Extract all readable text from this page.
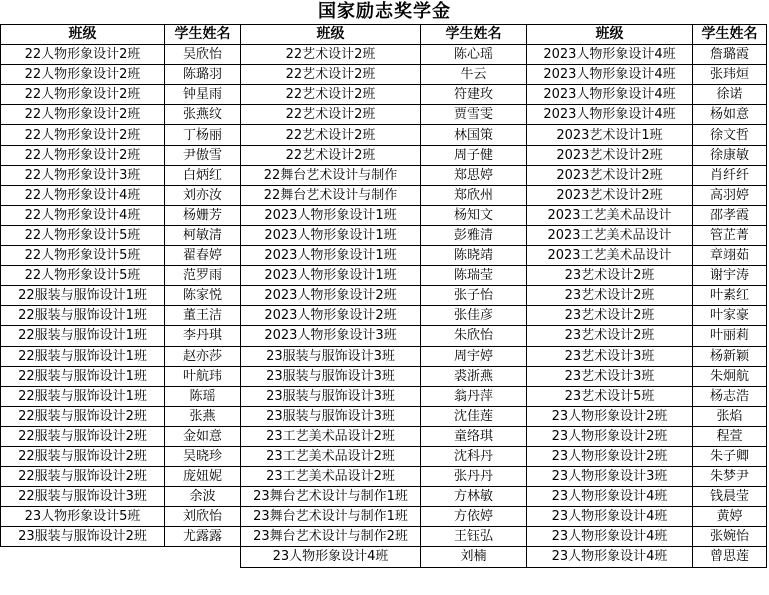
国家励志奖学金
班级	学生姓名	班级	学生姓名	班级	学生姓名
22人物形象设计2班	吴欣怡	22艺术设计2班	陈心瑶	2023人物形象设计4班	詹璐霞
22人物形象设计2班	陈璐羽	22艺术设计2班	牛云	2023人物形象设计4班	张玮烜
22人物形象设计2班	钟星雨	22艺术设计2班	符建玫	2023人物形象设计4班	徐诺
22人物形象设计2班	张燕纹	22艺术设计2班	贾雪雯	2023人物形象设计4班	杨如意
22人物形象设计2班	丁杨丽	22艺术设计2班	林国策	2023艺术设计1班	徐文哲
22人物形象设计2班	尹傲雪	22艺术设计2班	周子健	2023艺术设计2班	徐康敏
22人物形象设计3班	白炳红	22舞台艺术设计与制作	郑思婷	2023艺术设计2班	肖纤纤
22人物形象设计4班	刘亦汝	22舞台艺术设计与制作	郑欣州	2023艺术设计2班	高羽婷
22人物形象设计4班	杨姗芳	2023人物形象设计1班	杨知文	2023工艺美术品设计	邵孝霞
22人物形象设计5班	柯敏清	2023人物形象设计1班	彭雅清	2023工艺美术品设计	管芷菁
22人物形象设计5班	翟春婷	2023人物形象设计1班	陈晓靖	2023工艺美术品设计	章翊茹
22人物形象设计5班	范罗雨	2023人物形象设计1班	陈瑞莹	23艺术设计2班	谢宇涛
22服装与服饰设计1班	陈家悦	2023人物形象设计2班	张子怡	23艺术设计2班	叶素红
22服装与服饰设计1班	董王洁	2023人物形象设计2班	张佳彦	23艺术设计2班	叶家豪
22服装与服饰设计1班	李丹琪	2023人物形象设计3班	朱欣怡	23艺术设计2班	叶丽莉
22服装与服饰设计1班	赵亦莎	23服装与服饰设计3班	周宇婷	23艺术设计3班	杨新颖
22服装与服饰设计1班	叶航玮	23服装与服饰设计3班	裘浙燕	23艺术设计3班	朱炯航
22服装与服饰设计1班	陈瑶	23服装与服饰设计3班	翁丹萍	23艺术设计5班	杨志浩
22服装与服饰设计2班	张燕	23服装与服饰设计3班	沈佳莲	23人物形象设计2班	张焰
22服装与服饰设计2班	金如意	23工艺美术品设计2班	童络琪	23人物形象设计2班	程萱
22服装与服饰设计2班	吴晓珍	23工艺美术品设计2班	沈科丹	23人物形象设计2班	朱子卿
22服装与服饰设计2班	庞妞妮	23工艺美术品设计2班	张丹丹	23人物形象设计3班	朱梦尹
22服装与服饰设计3班	余波	23舞台艺术设计与制作1班	方林敏	23人物形象设计4班	钱晨莹
23人物形象设计5班	刘欣怡	23舞台艺术设计与制作1班	方依婷	23人物形象设计4班	黄婷
23服装与服饰设计2班	尤露露	23舞台艺术设计与制作2班	王钰弘	23人物形象设计4班	张婉怡
		23人物形象设计4班	刘楠	23人物形象设计4班	曾思莲
